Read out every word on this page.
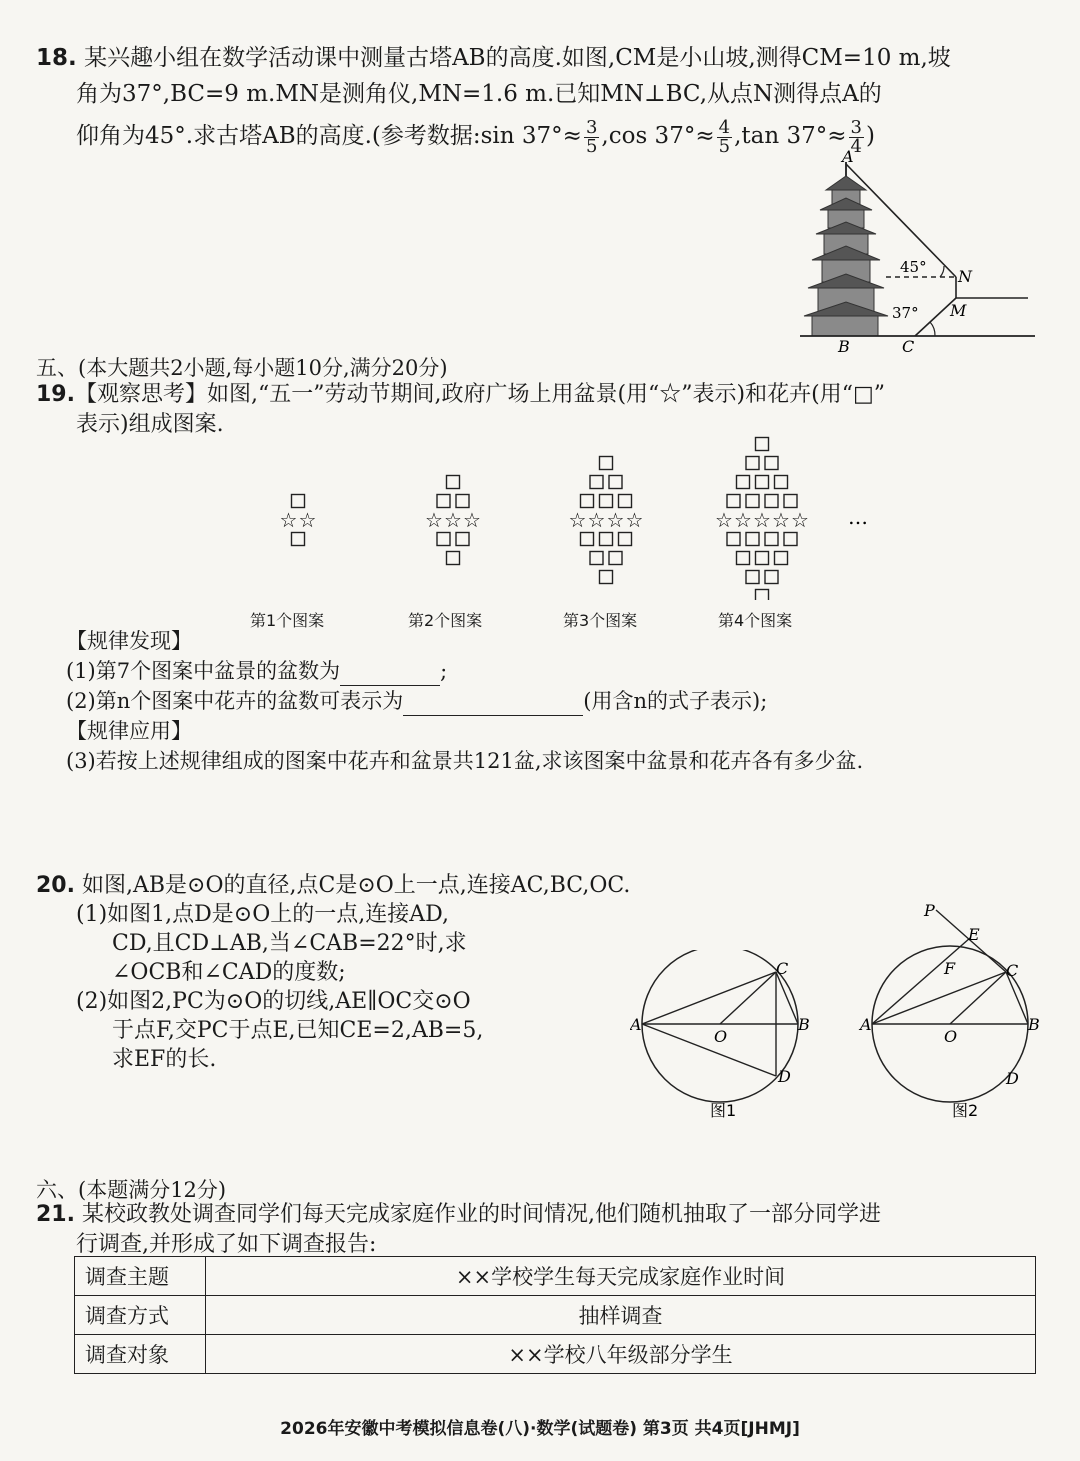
18. 某兴趣小组在数学活动课中测量古塔AB的高度.如图,CM是小山坡,测得CM=10 m,坡
角为37°,BC=9 m.MN是测角仪,MN=1.6 m.已知MN⊥BC,从点N测得点A的
仰角为45°.求古塔AB的高度.(参考数据:sin $37^\circ\approx \frac{3}{5} ,\cos$ $37^\circ\approx \frac{4}{5} ,\tan$ $37^\circ\approx \frac{3}{4}$ )
A
B	C
M
N
45°
37°
五、(本大题共2小题,每小题10分,满分20分)
19.【观察思考】如图,“五一”劳动节期间,政府广场上用盆景(用“☆”表示)和花卉(用“□”
表示)组成图案.
☆ ☆	☆ ☆ ☆	☆ ☆ ☆ ☆	☆ ☆ ☆ ☆ ☆ …
第1个图案	第2个图案	第3个图案	第4个图案
【规律发现】
(1)第7个图案中盆景的盆数为	;
(2)第n个图案中花卉的盆数可表示为	(用含n的式子表示);
【规律应用】
(3)若按上述规律组成的图案中花卉和盆景共121盆,求该图案中盆景和花卉各有多少盆.
20. 如图,AB是⊙O的直径,点C是⊙O上一点,连接AC,BC,OC.
(1)如图1,点D是⊙O上的一点,连接AD,
CD,且CD⊥AB,当∠CAB=22°时,求
∠OCB和∠CAD的度数;
(2)如图2,PC为⊙O的切线,AE∥OC交⊙O
于点F,交PC于点E,已知CE=2,AB=5,
求EF的长.
A	B
C
D
O
图1
P
E
F	C
A	B
O
D
图2
六、(本题满分12分)
21. 某校政教处调查同学们每天完成家庭作业的时间情况,他们随机抽取了一部分同学进
行调查,并形成了如下调查报告:
调查主题	××学校学生每天完成家庭作业时间
调查方式	抽样调查
调查对象	××学校八年级部分学生
2026年安徽中考模拟信息卷(八)·数学(试题卷) 第3页 共4页[JHMJ]
